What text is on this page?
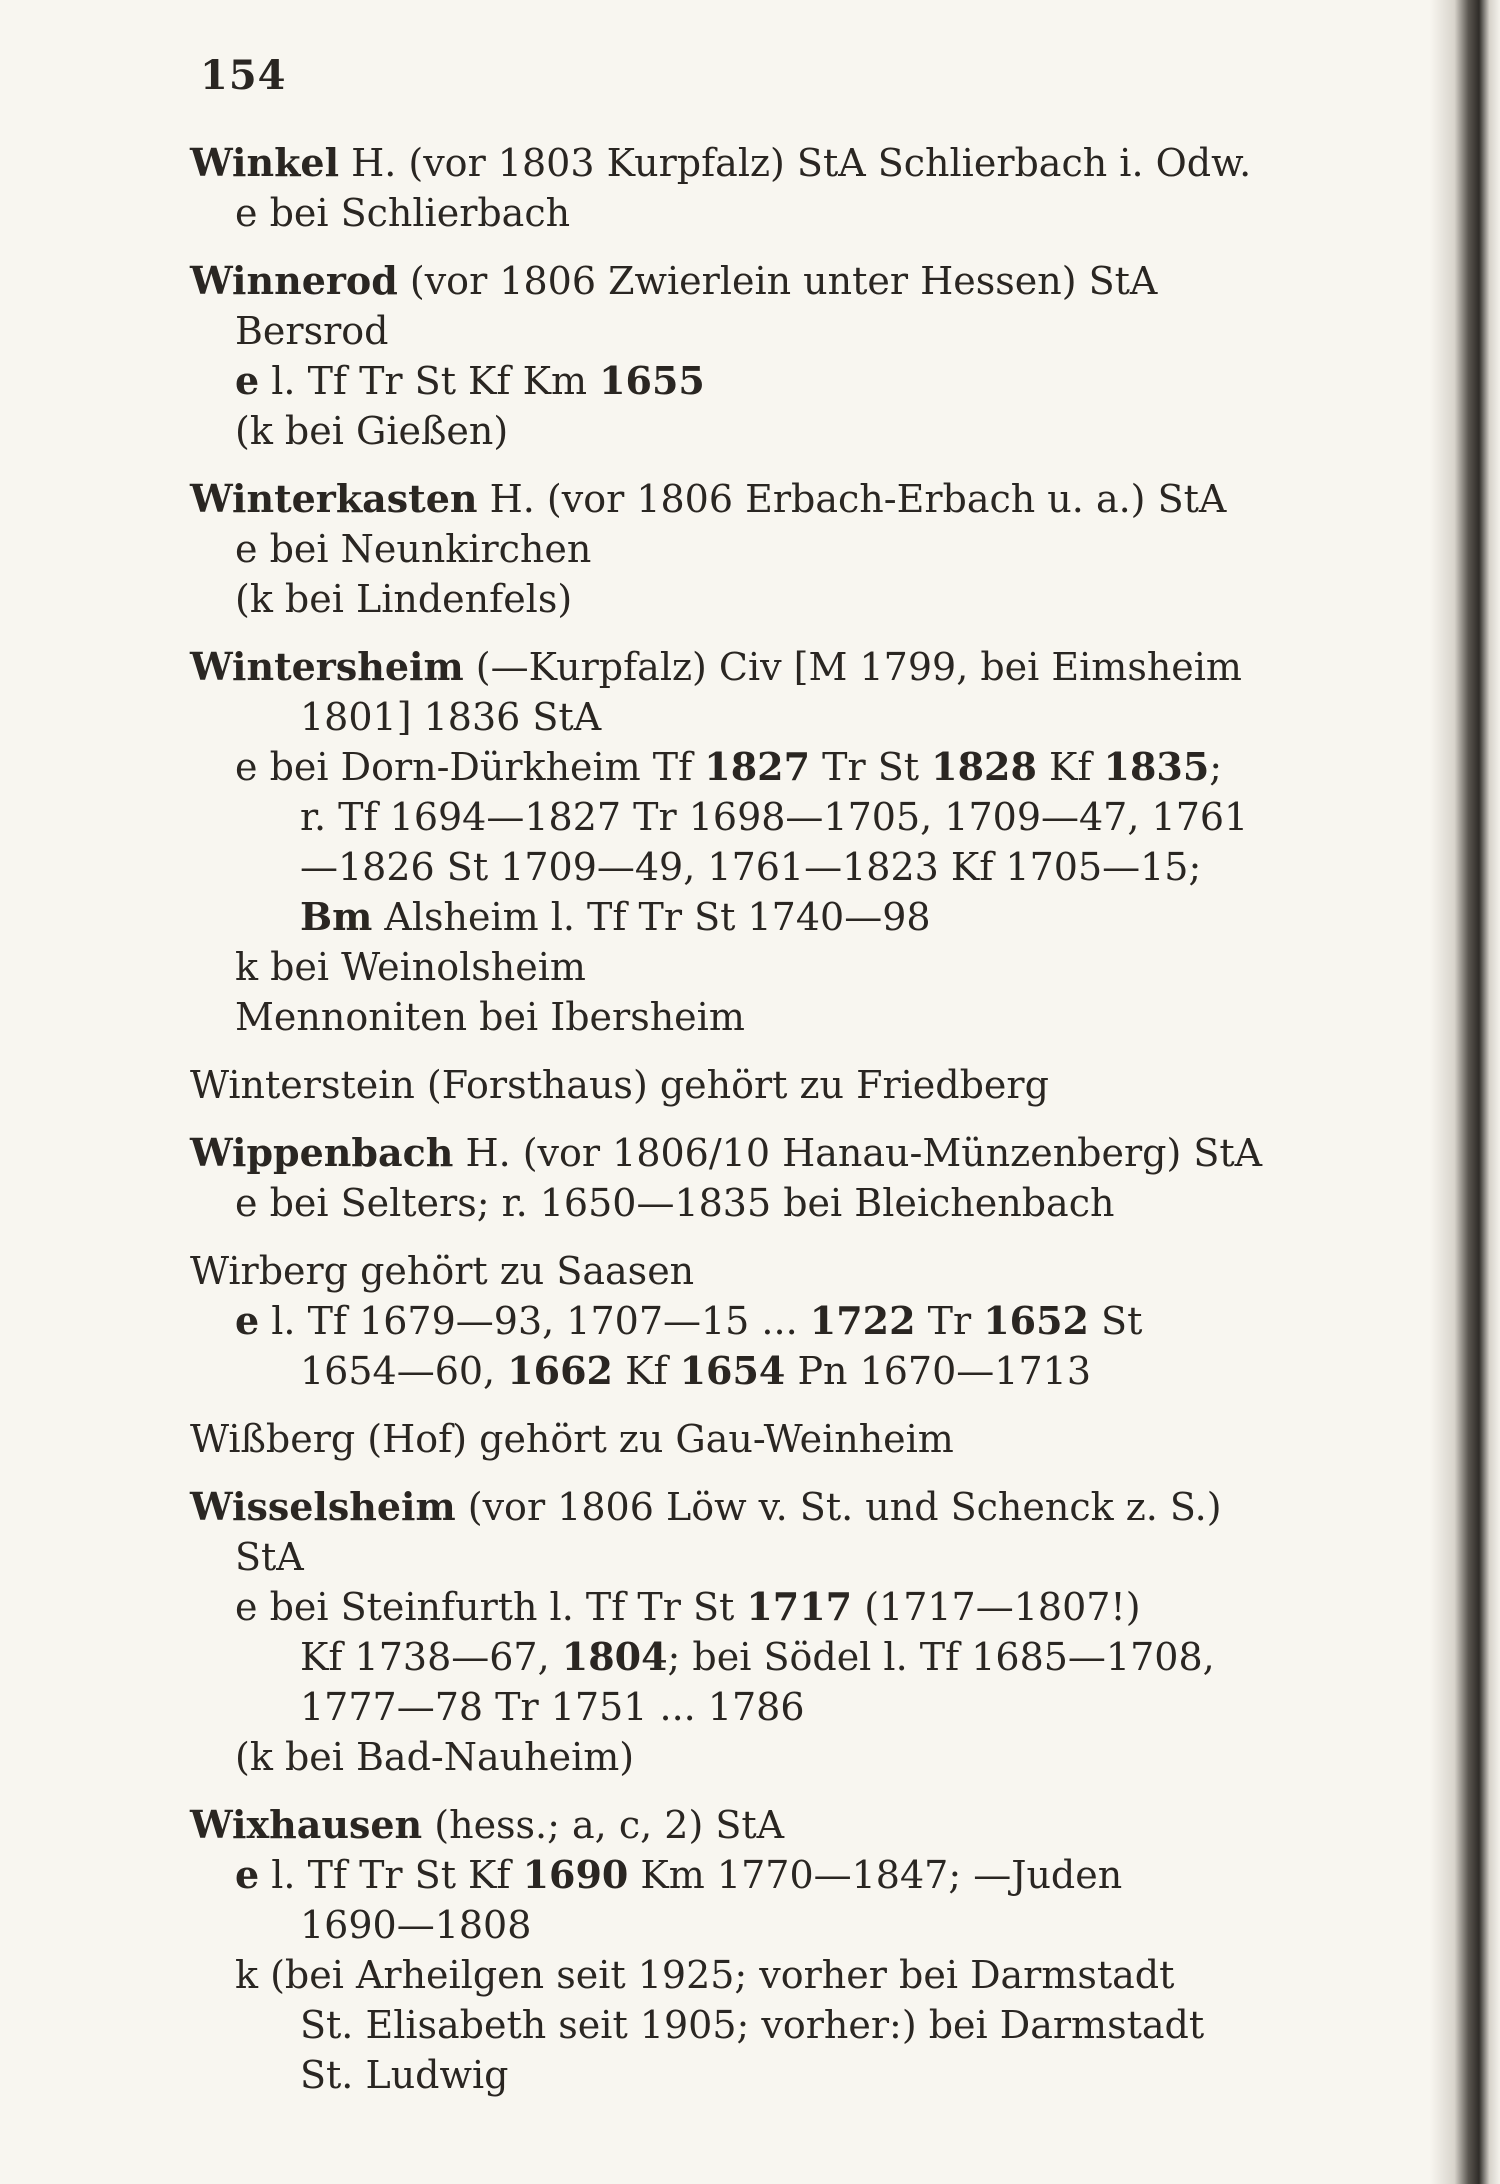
154
Winkel H. (vor 1803 Kurpfalz) StA Schlierbach i. Odw.
e bei Schlierbach
Winnerod (vor 1806 Zwierlein unter Hessen) StA
Bersrod
e l. Tf Tr St Kf Km 1655
(k bei Gießen)
Winterkasten H. (vor 1806 Erbach-Erbach u. a.) StA
e bei Neunkirchen
(k bei Lindenfels)
Wintersheim (—Kurpfalz) Civ [M 1799, bei Eimsheim
1801] 1836 StA
e bei Dorn-Dürkheim Tf 1827 Tr St 1828 Kf 1835;
r. Tf 1694—1827 Tr 1698—1705, 1709—47, 1761
—1826 St 1709—49, 1761—1823 Kf 1705—15;
Bm Alsheim l. Tf Tr St 1740—98
k bei Weinolsheim
Mennoniten bei Ibersheim
Winterstein (Forsthaus) gehört zu Friedberg
Wippenbach H. (vor 1806/10 Hanau-Münzenberg) StA
e bei Selters; r. 1650—1835 bei Bleichenbach
Wirberg gehört zu Saasen
e l. Tf 1679—93, 1707—15 ... 1722 Tr 1652 St
1654—60, 1662 Kf 1654 Pn 1670—1713
Wißberg (Hof) gehört zu Gau-Weinheim
Wisselsheim (vor 1806 Löw v. St. und Schenck z. S.)
StA
e bei Steinfurth l. Tf Tr St 1717 (1717—1807!)
Kf 1738—67, 1804; bei Södel l. Tf 1685—1708,
1777—78 Tr 1751 ... 1786
(k bei Bad-Nauheim)
Wixhausen (hess.; a, c, 2) StA
e l. Tf Tr St Kf 1690 Km 1770—1847; —Juden
1690—1808
k (bei Arheilgen seit 1925; vorher bei Darmstadt
St. Elisabeth seit 1905; vorher:) bei Darmstadt
St. Ludwig
